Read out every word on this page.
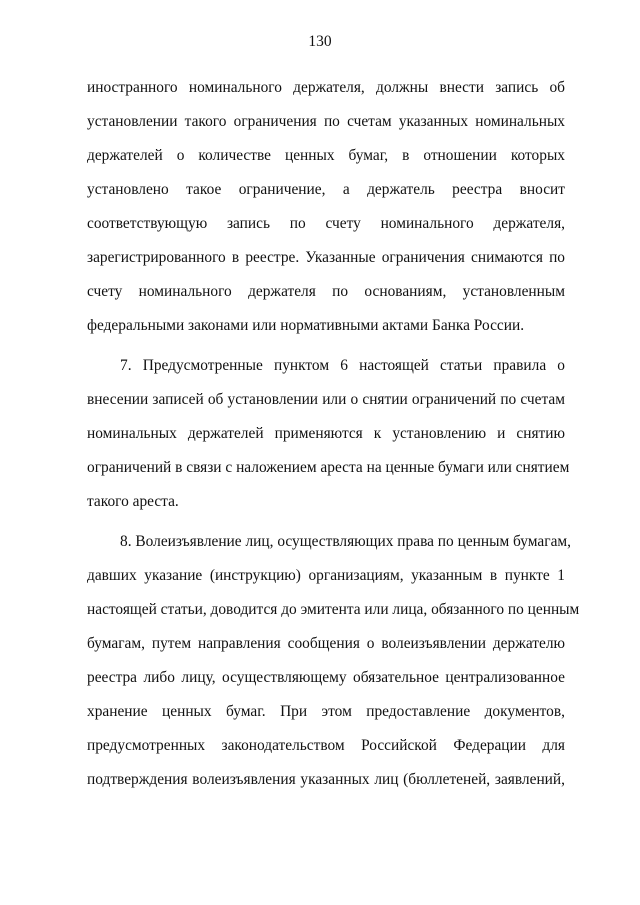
130
иностранного номинального держателя, должны внести запись об
установлении такого ограничения по счетам указанных номинальных
держателей о количестве ценных бумаг, в отношении которых
установлено такое ограничение, а держатель реестра вносит
соответствующую запись по счету номинального держателя,
зарегистрированного в реестре. Указанные ограничения снимаются по
счету номинального держателя по основаниям, установленным
федеральными законами или нормативными актами Банка России.
7. Предусмотренные пунктом 6 настоящей статьи правила о
внесении записей об установлении или о снятии ограничений по счетам
номинальных держателей применяются к установлению и снятию
ограничений в связи с наложением ареста на ценные бумаги или снятием
такого ареста.
8. Волеизъявление лиц, осуществляющих права по ценным бумагам,
давших указание (инструкцию) организациям, указанным в пункте 1
настоящей статьи, доводится до эмитента или лица, обязанного по ценным
бумагам, путем направления сообщения о волеизъявлении держателю
реестра либо лицу, осуществляющему обязательное централизованное
хранение ценных бумаг. При этом предоставление документов,
предусмотренных законодательством Российской Федерации для
подтверждения волеизъявления указанных лиц (бюллетеней, заявлений,
